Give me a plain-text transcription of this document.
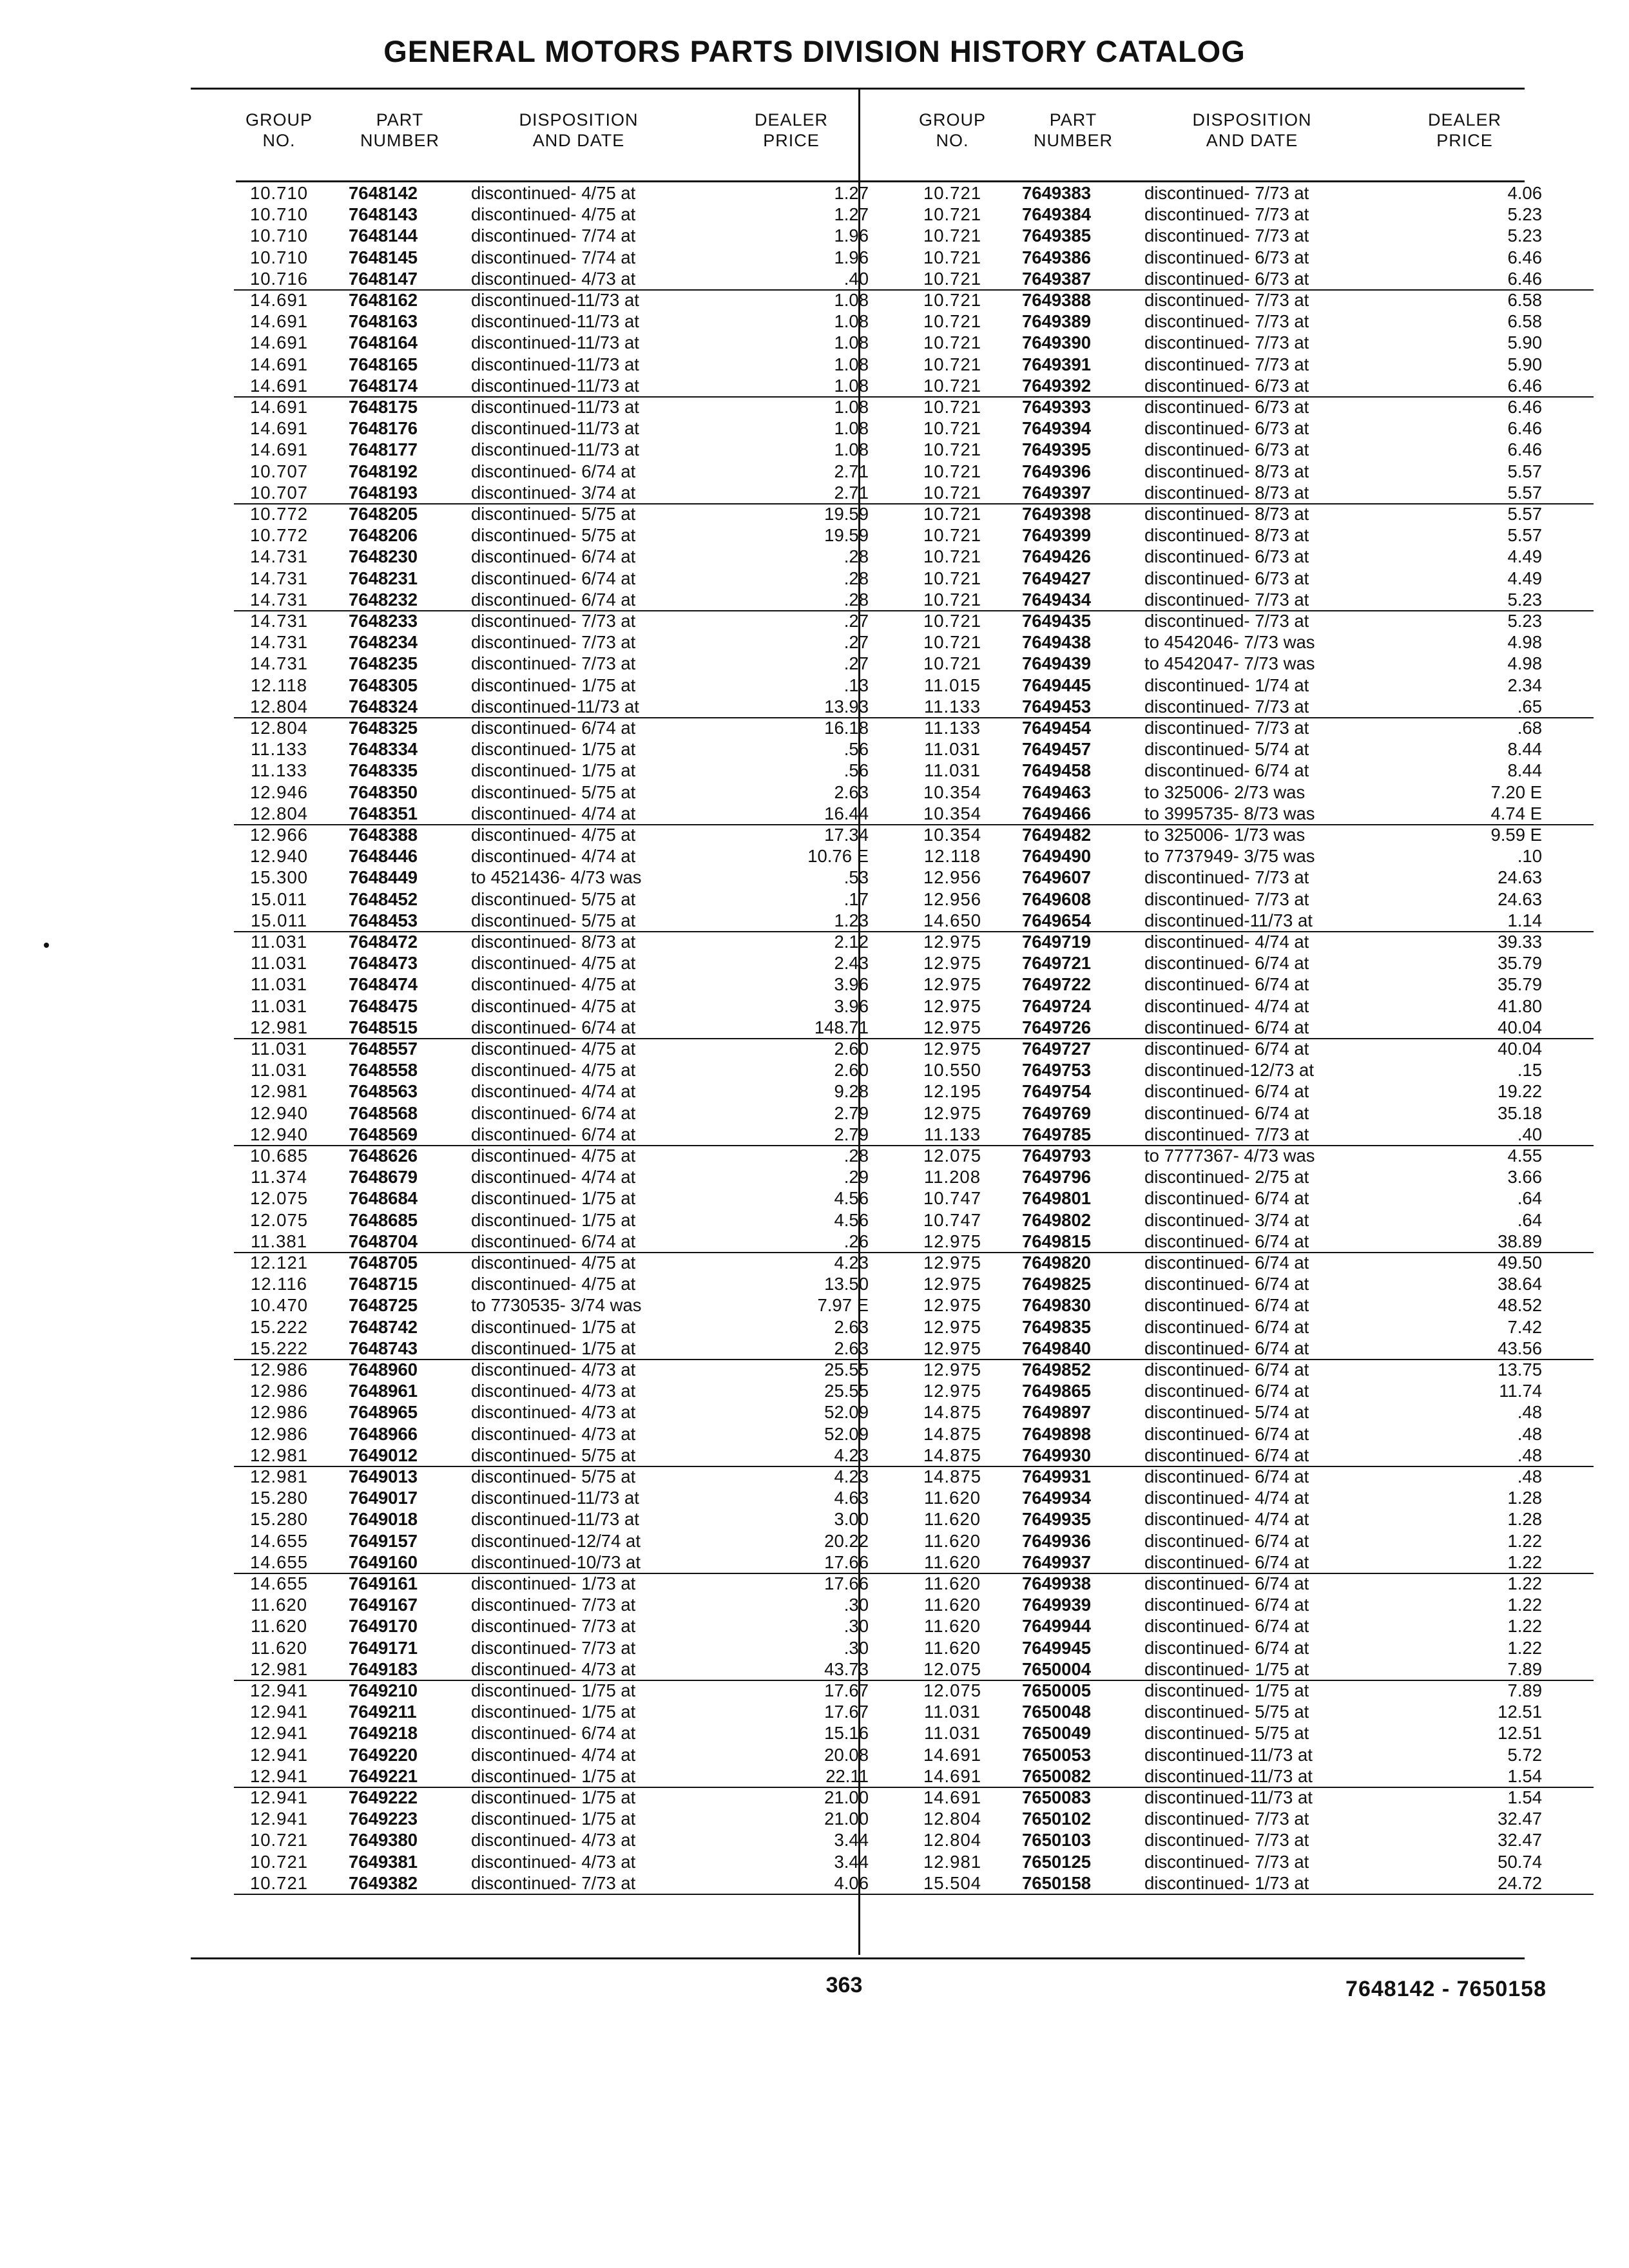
GENERAL MOTORS PARTS DIVISION HISTORY CATALOG
GROUP
NO.
PART
NUMBER
DISPOSITION
AND DATE
DEALER
PRICE
10.710	7648142	discontinued- 4/75 at	1.27
10.710	7648143	discontinued- 4/75 at	1.27
10.710	7648144	discontinued- 7/74 at	1.96
10.710	7648145	discontinued- 7/74 at	1.96
10.716	7648147	discontinued- 4/73 at	.40
14.691	7648162	discontinued-11/73 at	1.08
14.691	7648163	discontinued-11/73 at	1.08
14.691	7648164	discontinued-11/73 at	1.08
14.691	7648165	discontinued-11/73 at	1.08
14.691	7648174	discontinued-11/73 at	1.08
14.691	7648175	discontinued-11/73 at	1.08
14.691	7648176	discontinued-11/73 at	1.08
14.691	7648177	discontinued-11/73 at	1.08
10.707	7648192	discontinued- 6/74 at	2.71
10.707	7648193	discontinued- 3/74 at	2.71
10.772	7648205	discontinued- 5/75 at	19.59
10.772	7648206	discontinued- 5/75 at	19.59
14.731	7648230	discontinued- 6/74 at	.28
14.731	7648231	discontinued- 6/74 at	.28
14.731	7648232	discontinued- 6/74 at	.28
14.731	7648233	discontinued- 7/73 at	.27
14.731	7648234	discontinued- 7/73 at	.27
14.731	7648235	discontinued- 7/73 at	.27
12.118	7648305	discontinued- 1/75 at	.13
12.804	7648324	discontinued-11/73 at	13.93
12.804	7648325	discontinued- 6/74 at	16.18
11.133	7648334	discontinued- 1/75 at	.56
11.133	7648335	discontinued- 1/75 at	.56
12.946	7648350	discontinued- 5/75 at	2.63
12.804	7648351	discontinued- 4/74 at	16.44
12.966	7648388	discontinued- 4/75 at	17.34
12.940	7648446	discontinued- 4/74 at	10.76 E
15.300	7648449	to 4521436- 4/73 was	.53
15.011	7648452	discontinued- 5/75 at	.17
15.011	7648453	discontinued- 5/75 at	1.23
11.031	7648472	discontinued- 8/73 at	2.12
11.031	7648473	discontinued- 4/75 at	2.43
11.031	7648474	discontinued- 4/75 at	3.96
11.031	7648475	discontinued- 4/75 at	3.96
12.981	7648515	discontinued- 6/74 at	148.71
11.031	7648557	discontinued- 4/75 at	2.60
11.031	7648558	discontinued- 4/75 at	2.60
12.981	7648563	discontinued- 4/74 at	9.28
12.940	7648568	discontinued- 6/74 at	2.79
12.940	7648569	discontinued- 6/74 at	2.79
10.685	7648626	discontinued- 4/75 at	.28
11.374	7648679	discontinued- 4/74 at	.29
12.075	7648684	discontinued- 1/75 at	4.56
12.075	7648685	discontinued- 1/75 at	4.56
11.381	7648704	discontinued- 6/74 at	.26
12.121	7648705	discontinued- 4/75 at	4.23
12.116	7648715	discontinued- 4/75 at	13.50
10.470	7648725	to 7730535- 3/74 was	7.97 E
15.222	7648742	discontinued- 1/75 at	2.63
15.222	7648743	discontinued- 1/75 at	2.63
12.986	7648960	discontinued- 4/73 at	25.55
12.986	7648961	discontinued- 4/73 at	25.55
12.986	7648965	discontinued- 4/73 at	52.09
12.986	7648966	discontinued- 4/73 at	52.09
12.981	7649012	discontinued- 5/75 at	4.23
12.981	7649013	discontinued- 5/75 at	4.23
15.280	7649017	discontinued-11/73 at	4.63
15.280	7649018	discontinued-11/73 at	3.00
14.655	7649157	discontinued-12/74 at	20.22
14.655	7649160	discontinued-10/73 at	17.66
14.655	7649161	discontinued- 1/73 at	17.66
11.620	7649167	discontinued- 7/73 at	.30
11.620	7649170	discontinued- 7/73 at	.30
11.620	7649171	discontinued- 7/73 at	.30
12.981	7649183	discontinued- 4/73 at	43.73
12.941	7649210	discontinued- 1/75 at	17.67
12.941	7649211	discontinued- 1/75 at	17.67
12.941	7649218	discontinued- 6/74 at	15.16
12.941	7649220	discontinued- 4/74 at	20.08
12.941	7649221	discontinued- 1/75 at	22.11
12.941	7649222	discontinued- 1/75 at	21.00
12.941	7649223	discontinued- 1/75 at	21.00
10.721	7649380	discontinued- 4/73 at	3.44
10.721	7649381	discontinued- 4/73 at	3.44
10.721	7649382	discontinued- 7/73 at	4.06
GROUP
NO.
PART
NUMBER
DISPOSITION
AND DATE
DEALER
PRICE
10.721	7649383	discontinued- 7/73 at	4.06
10.721	7649384	discontinued- 7/73 at	5.23
10.721	7649385	discontinued- 7/73 at	5.23
10.721	7649386	discontinued- 6/73 at	6.46
10.721	7649387	discontinued- 6/73 at	6.46
10.721	7649388	discontinued- 7/73 at	6.58
10.721	7649389	discontinued- 7/73 at	6.58
10.721	7649390	discontinued- 7/73 at	5.90
10.721	7649391	discontinued- 7/73 at	5.90
10.721	7649392	discontinued- 6/73 at	6.46
10.721	7649393	discontinued- 6/73 at	6.46
10.721	7649394	discontinued- 6/73 at	6.46
10.721	7649395	discontinued- 6/73 at	6.46
10.721	7649396	discontinued- 8/73 at	5.57
10.721	7649397	discontinued- 8/73 at	5.57
10.721	7649398	discontinued- 8/73 at	5.57
10.721	7649399	discontinued- 8/73 at	5.57
10.721	7649426	discontinued- 6/73 at	4.49
10.721	7649427	discontinued- 6/73 at	4.49
10.721	7649434	discontinued- 7/73 at	5.23
10.721	7649435	discontinued- 7/73 at	5.23
10.721	7649438	to 4542046- 7/73 was	4.98
10.721	7649439	to 4542047- 7/73 was	4.98
11.015	7649445	discontinued- 1/74 at	2.34
11.133	7649453	discontinued- 7/73 at	.65
11.133	7649454	discontinued- 7/73 at	.68
11.031	7649457	discontinued- 5/74 at	8.44
11.031	7649458	discontinued- 6/74 at	8.44
10.354	7649463	to 325006- 2/73 was	7.20 E
10.354	7649466	to 3995735- 8/73 was	4.74 E
10.354	7649482	to 325006- 1/73 was	9.59 E
12.118	7649490	to 7737949- 3/75 was	.10
12.956	7649607	discontinued- 7/73 at	24.63
12.956	7649608	discontinued- 7/73 at	24.63
14.650	7649654	discontinued-11/73 at	1.14
12.975	7649719	discontinued- 4/74 at	39.33
12.975	7649721	discontinued- 6/74 at	35.79
12.975	7649722	discontinued- 6/74 at	35.79
12.975	7649724	discontinued- 4/74 at	41.80
12.975	7649726	discontinued- 6/74 at	40.04
12.975	7649727	discontinued- 6/74 at	40.04
10.550	7649753	discontinued-12/73 at	.15
12.195	7649754	discontinued- 6/74 at	19.22
12.975	7649769	discontinued- 6/74 at	35.18
11.133	7649785	discontinued- 7/73 at	.40
12.075	7649793	to 7777367- 4/73 was	4.55
11.208	7649796	discontinued- 2/75 at	3.66
10.747	7649801	discontinued- 6/74 at	.64
10.747	7649802	discontinued- 3/74 at	.64
12.975	7649815	discontinued- 6/74 at	38.89
12.975	7649820	discontinued- 6/74 at	49.50
12.975	7649825	discontinued- 6/74 at	38.64
12.975	7649830	discontinued- 6/74 at	48.52
12.975	7649835	discontinued- 6/74 at	7.42
12.975	7649840	discontinued- 6/74 at	43.56
12.975	7649852	discontinued- 6/74 at	13.75
12.975	7649865	discontinued- 6/74 at	11.74
14.875	7649897	discontinued- 5/74 at	.48
14.875	7649898	discontinued- 6/74 at	.48
14.875	7649930	discontinued- 6/74 at	.48
14.875	7649931	discontinued- 6/74 at	.48
11.620	7649934	discontinued- 4/74 at	1.28
11.620	7649935	discontinued- 4/74 at	1.28
11.620	7649936	discontinued- 6/74 at	1.22
11.620	7649937	discontinued- 6/74 at	1.22
11.620	7649938	discontinued- 6/74 at	1.22
11.620	7649939	discontinued- 6/74 at	1.22
11.620	7649944	discontinued- 6/74 at	1.22
11.620	7649945	discontinued- 6/74 at	1.22
12.075	7650004	discontinued- 1/75 at	7.89
12.075	7650005	discontinued- 1/75 at	7.89
11.031	7650048	discontinued- 5/75 at	12.51
11.031	7650049	discontinued- 5/75 at	12.51
14.691	7650053	discontinued-11/73 at	5.72
14.691	7650082	discontinued-11/73 at	1.54
14.691	7650083	discontinued-11/73 at	1.54
12.804	7650102	discontinued- 7/73 at	32.47
12.804	7650103	discontinued- 7/73 at	32.47
12.981	7650125	discontinued- 7/73 at	50.74
15.504	7650158	discontinued- 1/73 at	24.72
363	7648142 - 7650158
